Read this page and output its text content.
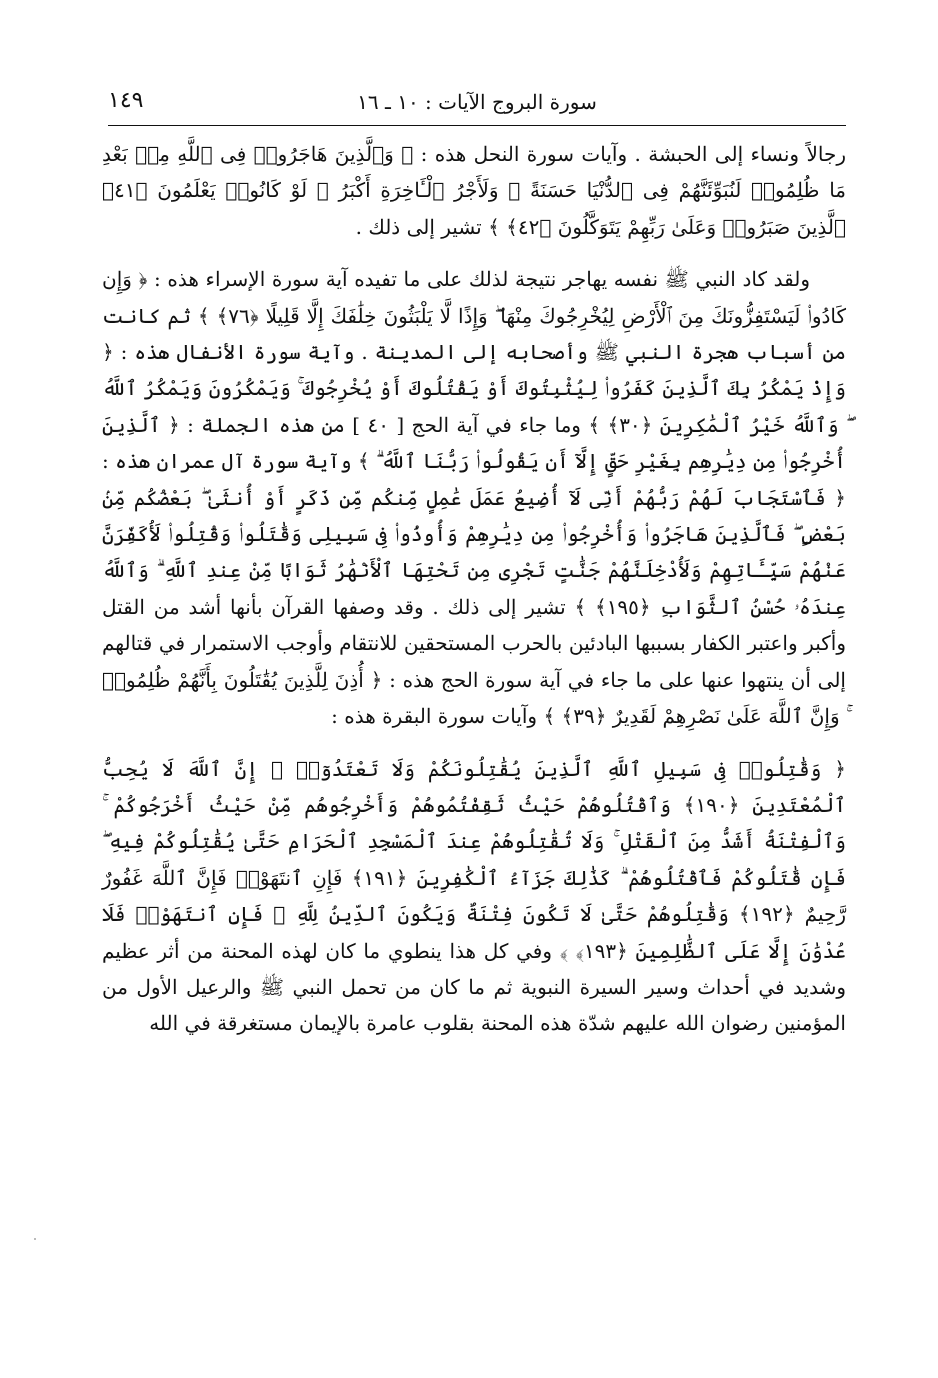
سورة البروج الآيات : ١٠ ـ ١٦
١٤٩

رجالاً ونساء إلى الحبشة . وآيات سورة النحل هذه : ﴿ وَٱلَّذِينَ هَاجَرُوا۟ فِى ٱللَّهِ مِنۢ بَعْدِ مَا ظُلِمُوا۟ لَنُبَوِّئَنَّهُمْ فِى ٱلدُّنْيَا حَسَنَةً ۖ وَلَأَجْرُ ٱلْـَٔاخِرَةِ أَكْبَرُ ۚ لَوْ كَانُوا۟ يَعْلَمُونَ ﴿٤١﴾ ٱلَّذِينَ صَبَرُوا۟ وَعَلَىٰ رَبِّهِمْ يَتَوَكَّلُونَ ﴿٤٢﴾ ﴾ تشير إلى ذلك .

ولقد كاد النبي ﷺ نفسه يهاجر نتيجة لذلك على ما تفيده آية سورة الإسراء هذه : ﴿ وَإِن كَادُوا۟ لَيَسْتَفِزُّونَكَ مِنَ ٱلْأَرْضِ لِيُخْرِجُوكَ مِنْهَا ۖ وَإِذًا لَّا يَلْبَثُونَ خِلَٰفَكَ إِلَّا قَلِيلًا ﴿٧٦﴾ ﴾ ثم كانت من أسباب هجرة النبي ﷺ وأصحابه إلى المدينة . وآية سورة الأنفال هذه : ﴿ وَإِذْ يَمْكُرُ بِكَ ٱلَّذِينَ كَفَرُوا۟ لِيُثْبِتُوكَ أَوْ يَقْتُلُوكَ أَوْ يُخْرِجُوكَ ۚ وَيَمْكُرُونَ وَيَمْكُرُ ٱللَّهُ ۖ وَٱللَّهُ خَيْرُ ٱلْمَٰكِرِينَ ﴿٣٠﴾ ﴾ وما جاء في آية الحج [ ٤٠ ] من هذه الجملة : ﴿ ٱلَّذِينَ أُخْرِجُوا۟ مِن دِيَٰرِهِم بِغَيْرِ حَقٍّ إِلَّآ أَن يَقُولُوا۟ رَبُّنَا ٱللَّهُ ۗ ﴾ وآية سورة آل عمران هذه : ﴿ فَٱسْتَجَابَ لَهُمْ رَبُّهُمْ أَنِّى لَآ أُضِيعُ عَمَلَ عَٰمِلٍ مِّنكُم مِّن ذَكَرٍ أَوْ أُنثَىٰ ۖ بَعْضُكُم مِّنۢ بَعْضٍ ۖ فَٱلَّذِينَ هَاجَرُوا۟ وَأُخْرِجُوا۟ مِن دِيَٰرِهِمْ وَأُوذُوا۟ فِى سَبِيلِى وَقَٰتَلُوا۟ وَقُتِلُوا۟ لَأُكَفِّرَنَّ عَنْهُمْ سَيِّـَٔاتِهِمْ وَلَأُدْخِلَنَّهُمْ جَنَّٰتٍ تَجْرِى مِن تَحْتِهَا ٱلْأَنْهَٰرُ ثَوَابًا مِّنْ عِندِ ٱللَّهِ ۗ وَٱللَّهُ عِندَهُۥ حُسْنُ ٱلثَّوَابِ ﴿١٩٥﴾ ﴾ تشير إلى ذلك . وقد وصفها القرآن بأنها أشد من القتل وأكبر واعتبر الكفار بسببها البادئين بالحرب المستحقين للانتقام وأوجب الاستمرار في قتالهم إلى أن ينتهوا عنها على ما جاء في آية سورة الحج هذه : ﴿ أُذِنَ لِلَّذِينَ يُقَٰتَلُونَ بِأَنَّهُمْ ظُلِمُوا۟ ۚ وَإِنَّ ٱللَّهَ عَلَىٰ نَصْرِهِمْ لَقَدِيرٌ ﴿٣٩﴾ ﴾ وآيات سورة البقرة هذه :

﴿ وَقَٰتِلُوا۟ فِى سَبِيلِ ٱللَّهِ ٱلَّذِينَ يُقَٰتِلُونَكُمْ وَلَا تَعْتَدُوٓا۟ ۚ إِنَّ ٱللَّهَ لَا يُحِبُّ ٱلْمُعْتَدِينَ ﴿١٩٠﴾ وَٱقْتُلُوهُمْ حَيْثُ ثَقِفْتُمُوهُمْ وَأَخْرِجُوهُم مِّنْ حَيْثُ أَخْرَجُوكُمْ ۚ وَٱلْفِتْنَةُ أَشَدُّ مِنَ ٱلْقَتْلِ ۚ وَلَا تُقَٰتِلُوهُمْ عِندَ ٱلْمَسْجِدِ ٱلْحَرَامِ حَتَّىٰ يُقَٰتِلُوكُمْ فِيهِ ۖ فَإِن قَٰتَلُوكُمْ فَٱقْتُلُوهُمْ ۗ كَذَٰلِكَ جَزَآءُ ٱلْكَٰفِرِينَ ﴿١٩١﴾ فَإِنِ ٱنتَهَوْا۟ فَإِنَّ ٱللَّهَ غَفُورٌ رَّحِيمٌ ﴿١٩٢﴾ وَقَٰتِلُوهُمْ حَتَّىٰ لَا تَكُونَ فِتْنَةٌ وَيَكُونَ ٱلدِّينُ لِلَّهِ ۖ فَإِنِ ٱنتَهَوْا۟ فَلَا عُدْوَٰنَ إِلَّا عَلَى ٱلظَّٰلِمِينَ ﴿١٩٣﴾ ﴾ وفي كل هذا ينطوي ما كان لهذه المحنة من أثر عظيم وشديد في أحداث وسير السيرة النبوية ثم ما كان من تحمل النبي ﷺ والرعيل الأول من المؤمنين رضوان الله عليهم شدّة هذه المحنة بقلوب عامرة بالإيمان مستغرقة في الله
